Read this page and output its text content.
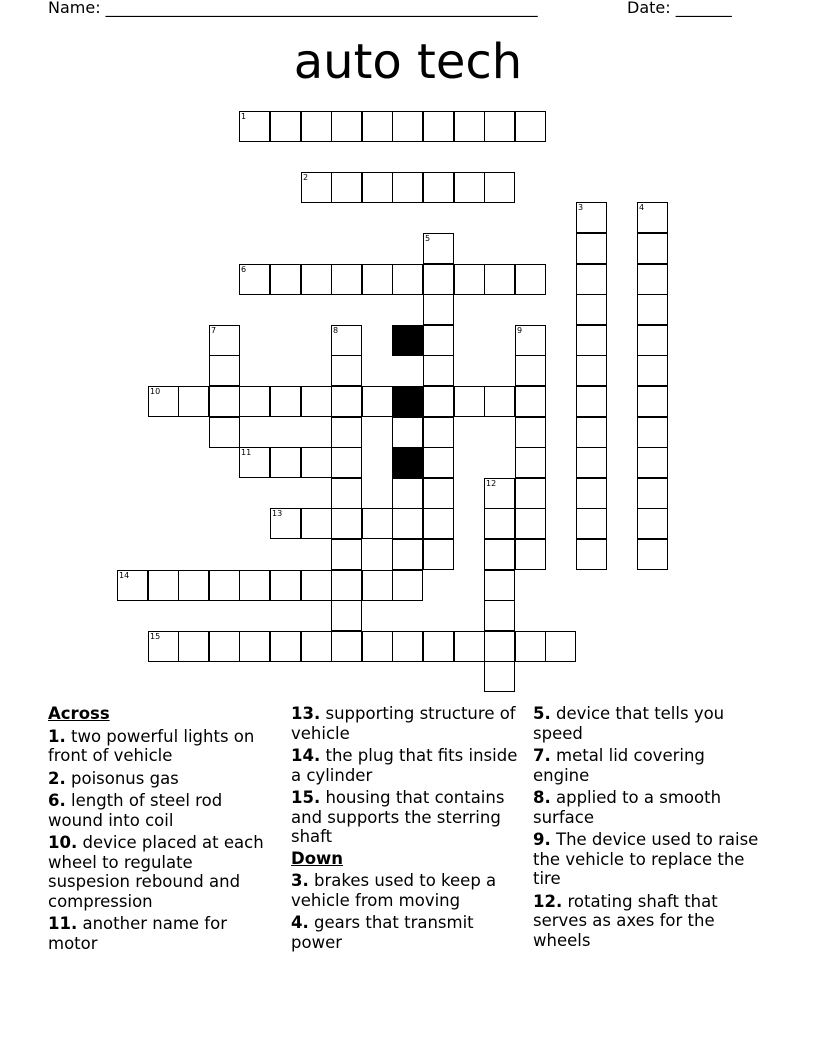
Name: ______________________________________________________	Date: _______
auto tech
1
2
3	4
5
6
7	8	9
10
11
12
13
14
15
Across
1. two powerful lights on front of vehicle
2. poisonus gas
6. length of steel rod wound into coil
10. device placed at each wheel to regulate suspesion rebound and compression
11. another name for motor
13. supporting structure of vehicle
14. the plug that fits inside a cylinder
15. housing that contains and supports the sterring shaft
Down
3. brakes used to keep a vehicle from moving
4. gears that transmit power
5. device that tells you speed
7. metal lid covering engine
8. applied to a smooth surface
9. The device used to raise the vehicle to replace the tire
12. rotating shaft that serves as axes for the wheels
